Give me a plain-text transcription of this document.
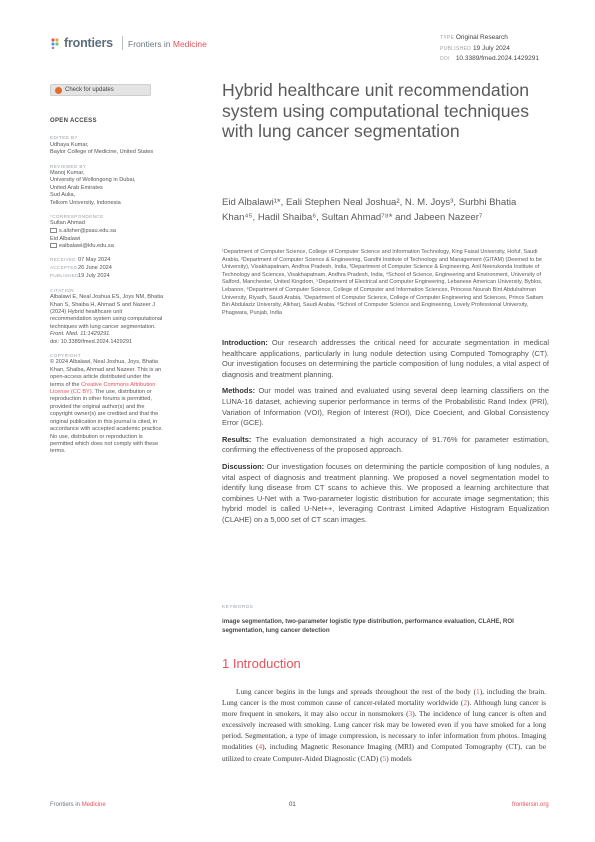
frontiers Frontiers in Medicine
TYPE Original Research
PUBLISHED 19 July 2024
DOI 10.3389/fmed.2024.1429291
Check for updates
OPEN ACCESS
EDITED BY
Udhaya Kumar,
Baylor College of Medicine, United States
REVIEWED BY
Manoj Kumar,
University of Wollongong in Dubai,
United Arab Emirates
Sud Aulia,
Telkom University, Indonesia
*CORRESPONDENCE
Sultan Ahmad
s.alisher@psau.edu.sa
Eid Albalawi
ealbalawi@kfu.edu.sa
RECEIVED 07 May 2024
ACCEPTED26 June 2024
PUBLISHED19 July 2024
CITATION
Albalawi E, Neal Joshua ES, Joys NM, Bhatia
Khan S, Shaiba H, Ahmad S and Nazeer J
(2024) Hybrid healthcare unit
recommendation system using computational
techniques with lung cancer segmentation.
Front. Med. 11:1429291.
doi: 10.3389/fmed.2024.1429291
COPYRIGHT
© 2024 Albalawi, Neal Joshua, Joys, Bhatia
Khan, Shaiba, Ahmad and Nazeer. This is an
open-access article distributed under the
terms of the Creative Commons Attribution
License (CC BY). The use, distribution or
reproduction in other forums is permitted,
provided the original author(s) and the
copyright owner(s) are credited and that the
original publication in this journal is cited, in
accordance with accepted academic practice.
No use, distribution or reproduction is
permitted which does not comply with these
terms.
Hybrid healthcare unit recommendation system using computational techniques with lung cancer segmentation
Eid Albalawi¹*, Eali Stephen Neal Joshua², N. M. Joys³, Surbhi Bhatia Khan⁴⁵, Hadil Shaiba⁶, Sultan Ahmad⁷⁸* and Jabeen Nazeer⁷
¹Department of Computer Science, College of Computer Science and Information Technology, King Faisal University, Hofuf, Saudi Arabia, ²Department of Computer Science & Engineering, Gandhi Institute of Technology and Management (GITAM) (Deemed to be University), Visakhapatnam, Andhra Pradesh, India, ³Department of Computer Science & Engineering, Anil Neerukonda Institute of Technology and Sciences, Visakhapatnam, Andhra Pradesh, India, ⁴School of Science, Engineering and Environment, University of Salford, Manchester, United Kingdom, ⁵Department of Electrical and Computer Engineering, Lebanese American University, Byblos, Lebanon, ⁶Department of Computer Science, College of Computer and Information Sciences, Princess Nourah Bint Abdulrahman University, Riyadh, Saudi Arabia, ⁷Department of Computer Science, College of Computer Engineering and Sciences, Prince Sattam Bin Abdulaziz University, Alkharj, Saudi Arabia, ⁸School of Computer Science and Engineering, Lovely Professional University, Phagwara, Punjab, India

Introduction: Our research addresses the critical need for accurate segmentation in medical healthcare applications, particularly in lung nodule detection using Computed Tomography (CT). Our investigation focuses on determining the particle composition of lung nodules, a vital aspect of diagnosis and treatment planning.

Methods: Our model was trained and evaluated using several deep learning classifiers on the LUNA-16 dataset, achieving superior performance in terms of the Probabilistic Rand Index (PRI), Variation of Information (VOI), Region of Interest (ROI), Dice Coecient, and Global Consistency Error (GCE).

Results: The evaluation demonstrated a high accuracy of 91.76% for parameter estimation, confirming the effectiveness of the proposed approach.

Discussion: Our investigation focuses on determining the particle composition of lung nodules, a vital aspect of diagnosis and treatment planning. We proposed a novel segmentation model to identify lung disease from CT scans to achieve this. We proposed a learning architecture that combines U-Net with a Two-parameter logistic distribution for accurate image segmentation; this hybrid model is called U-Net++, leveraging Contrast Limited Adaptive Histogram Equalization (CLAHE) on a 5,000 set of CT scan images.

KEYWORDS
image segmentation, two-parameter logistic type distribution, performance evaluation, CLAHE, ROI segmentation, lung cancer detection
1 Introduction
Lung cancer begins in the lungs and spreads throughout the rest of the body (1), including the brain. Lung cancer is the most common cause of cancer-related mortality worldwide (2). Although lung cancer is more frequent in smokers, it may also occur in nonsmokers (3). The incidence of lung cancer is often and excessively increased with smoking. Lung cancer risk may be lowered even if you have smoked for a long period. Segmentation, a type of image compression, is necessary to infer information from photos. Imaging modalities (4), including Magnetic Resonance Imaging (MRI) and Computed Tomography (CT), can be utilized to create Computer-Aided Diagnostic (CAD) (5) models
Frontiers in Medicine	01	frontiersin.org
